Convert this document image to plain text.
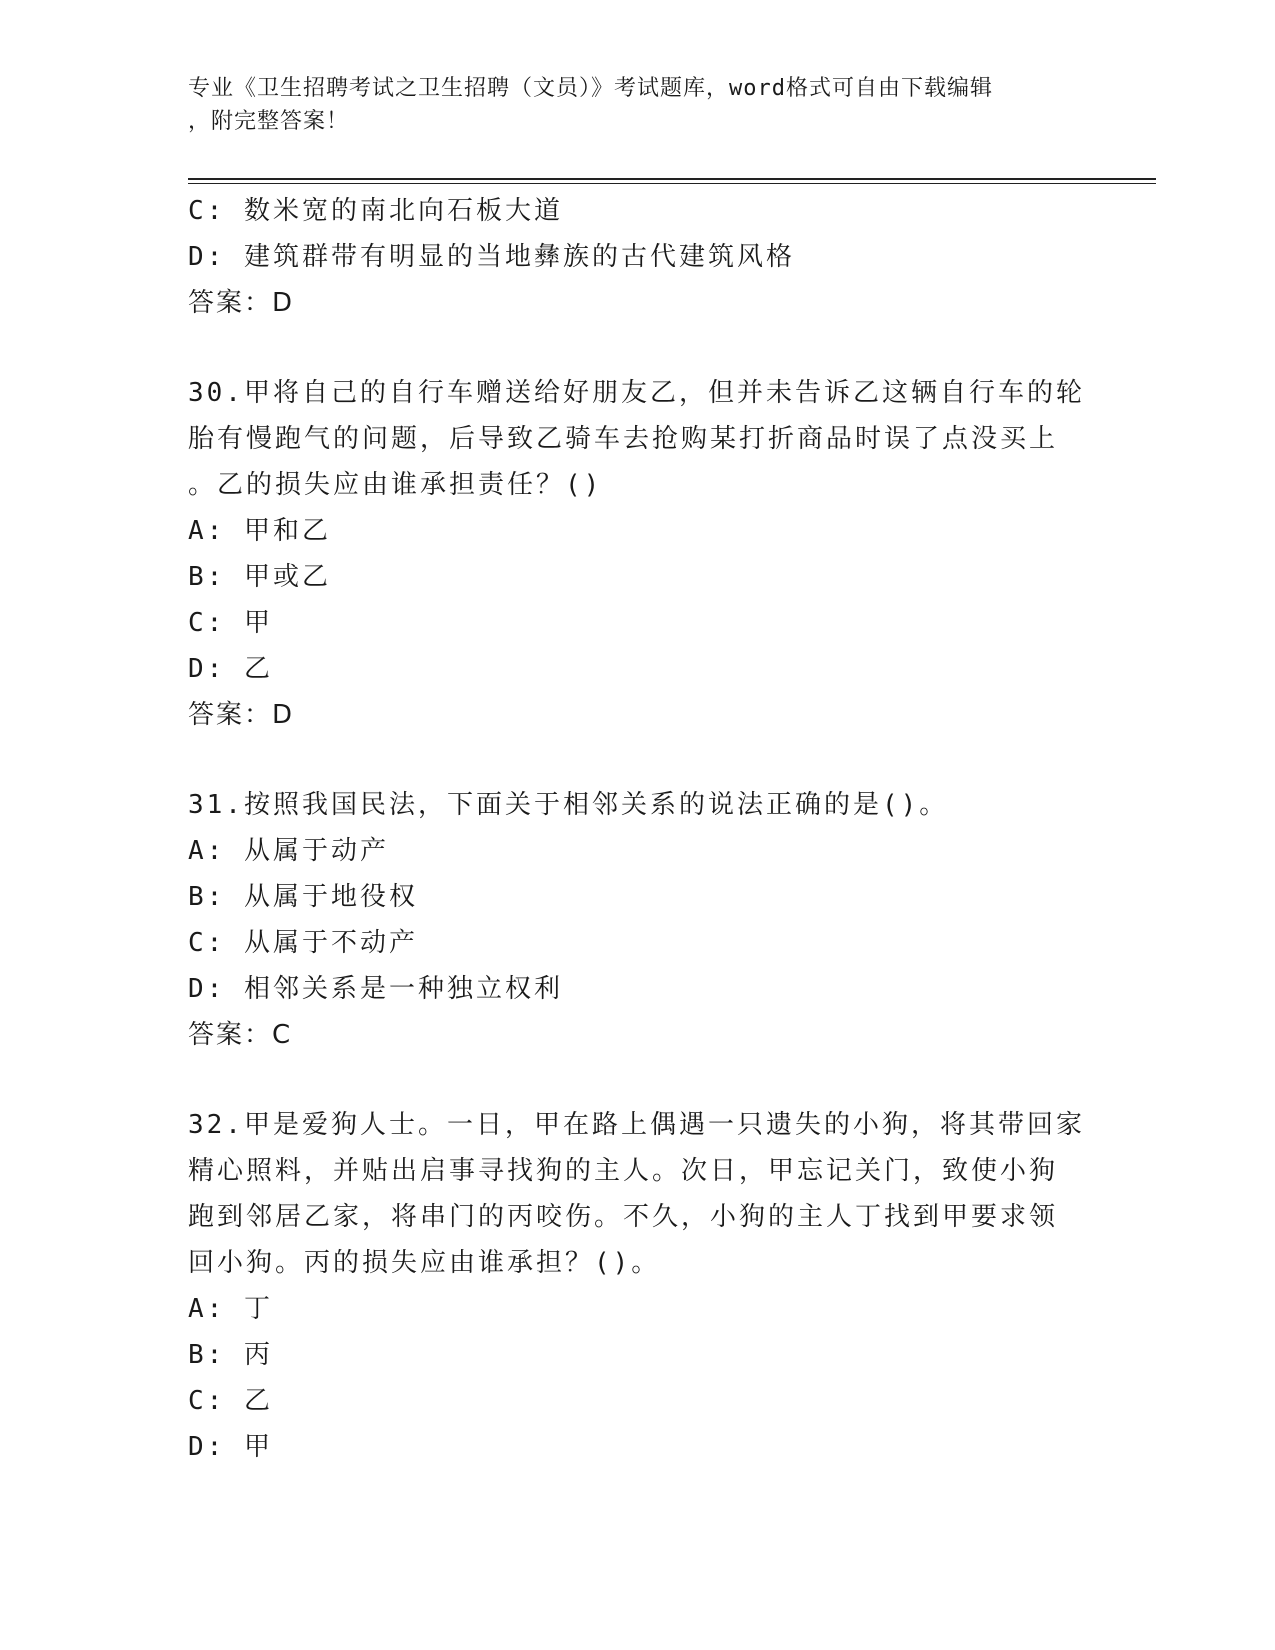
专业《卫生招聘考试之卫生招聘（文员）》考试题库，word格式可自由下载编辑
，附完整答案！
C: 数米宽的南北向石板大道
D: 建筑群带有明显的当地彝族的古代建筑风格
答案：D
30.甲将自己的自行车赠送给好朋友乙，但并未告诉乙这辆自行车的轮
胎有慢跑气的问题，后导致乙骑车去抢购某打折商品时误了点没买上
。乙的损失应由谁承担责任？()
A: 甲和乙
B: 甲或乙
C: 甲
D: 乙
答案：D
31.按照我国民法，下面关于相邻关系的说法正确的是()。
A: 从属于动产
B: 从属于地役权
C: 从属于不动产
D: 相邻关系是一种独立权利
答案：C
32.甲是爱狗人士。一日，甲在路上偶遇一只遗失的小狗，将其带回家
精心照料，并贴出启事寻找狗的主人。次日，甲忘记关门，致使小狗
跑到邻居乙家，将串门的丙咬伤。不久，小狗的主人丁找到甲要求领
回小狗。丙的损失应由谁承担？()。
A: 丁
B: 丙
C: 乙
D: 甲
